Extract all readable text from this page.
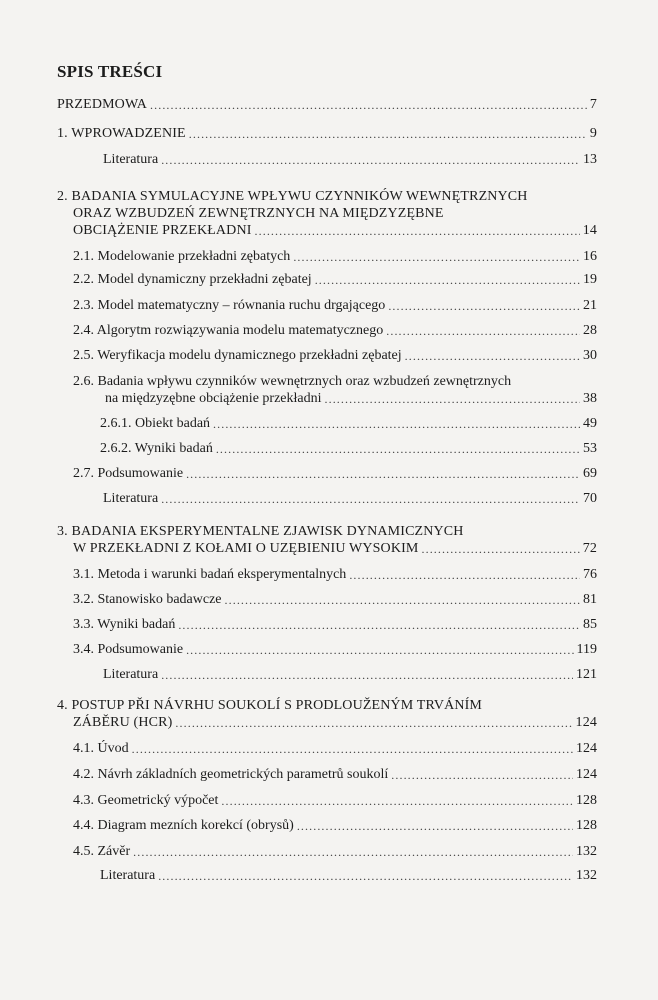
SPIS TREŚCI
PRZEDMOWA .....	7
1. WPROWADZENIE .....	9
Literatura .....	13
2. BADANIA SYMULACYJNE WPŁYWU CZYNNIKÓW WEWNĘTRZNYCH
ORAZ WZBUDZEŃ ZEWNĘTRZNYCH NA MIĘDZYZĘBNE
OBCIĄŻENIE PRZEKŁADNI .....	14
2.1. Modelowanie przekładni zębatych .....	16
2.2. Model dynamiczny przekładni zębatej .....	19
2.3. Model matematyczny – równania ruchu drgającego .....	21
2.4. Algorytm rozwiązywania modelu matematycznego .....	28
2.5. Weryfikacja modelu dynamicznego przekładni zębatej .....	30
2.6. Badania wpływu czynników wewnętrznych oraz wzbudzeń zewnętrznych
na międzyzębne obciążenie przekładni .....	38
2.6.1. Obiekt badań .....	49
2.6.2. Wyniki badań .....	53
2.7. Podsumowanie .....	69
Literatura .....	70
3. BADANIA EKSPERYMENTALNE ZJAWISK DYNAMICZNYCH
W PRZEKŁADNI Z KOŁAMI O UZĘBIENIU WYSOKIM .....	72
3.1. Metoda i warunki badań eksperymentalnych .....	76
3.2. Stanowisko badawcze .....	81
3.3. Wyniki badań .....	85
3.4. Podsumowanie .....	119
Literatura .....	121
4. POSTUP PŘI NÁVRHU SOUKOLÍ S PRODLOUŽENÝM TRVÁNÍM
ZÁBĚRU (HCR) .....	124
4.1. Úvod .....	124
4.2. Návrh základních geometrických parametrů soukolí .....	124
4.3. Geometrický výpočet .....	128
4.4. Diagram mezních korekcí (obrysů) .....	128
4.5. Závěr .....	132
Literatura .....	132
